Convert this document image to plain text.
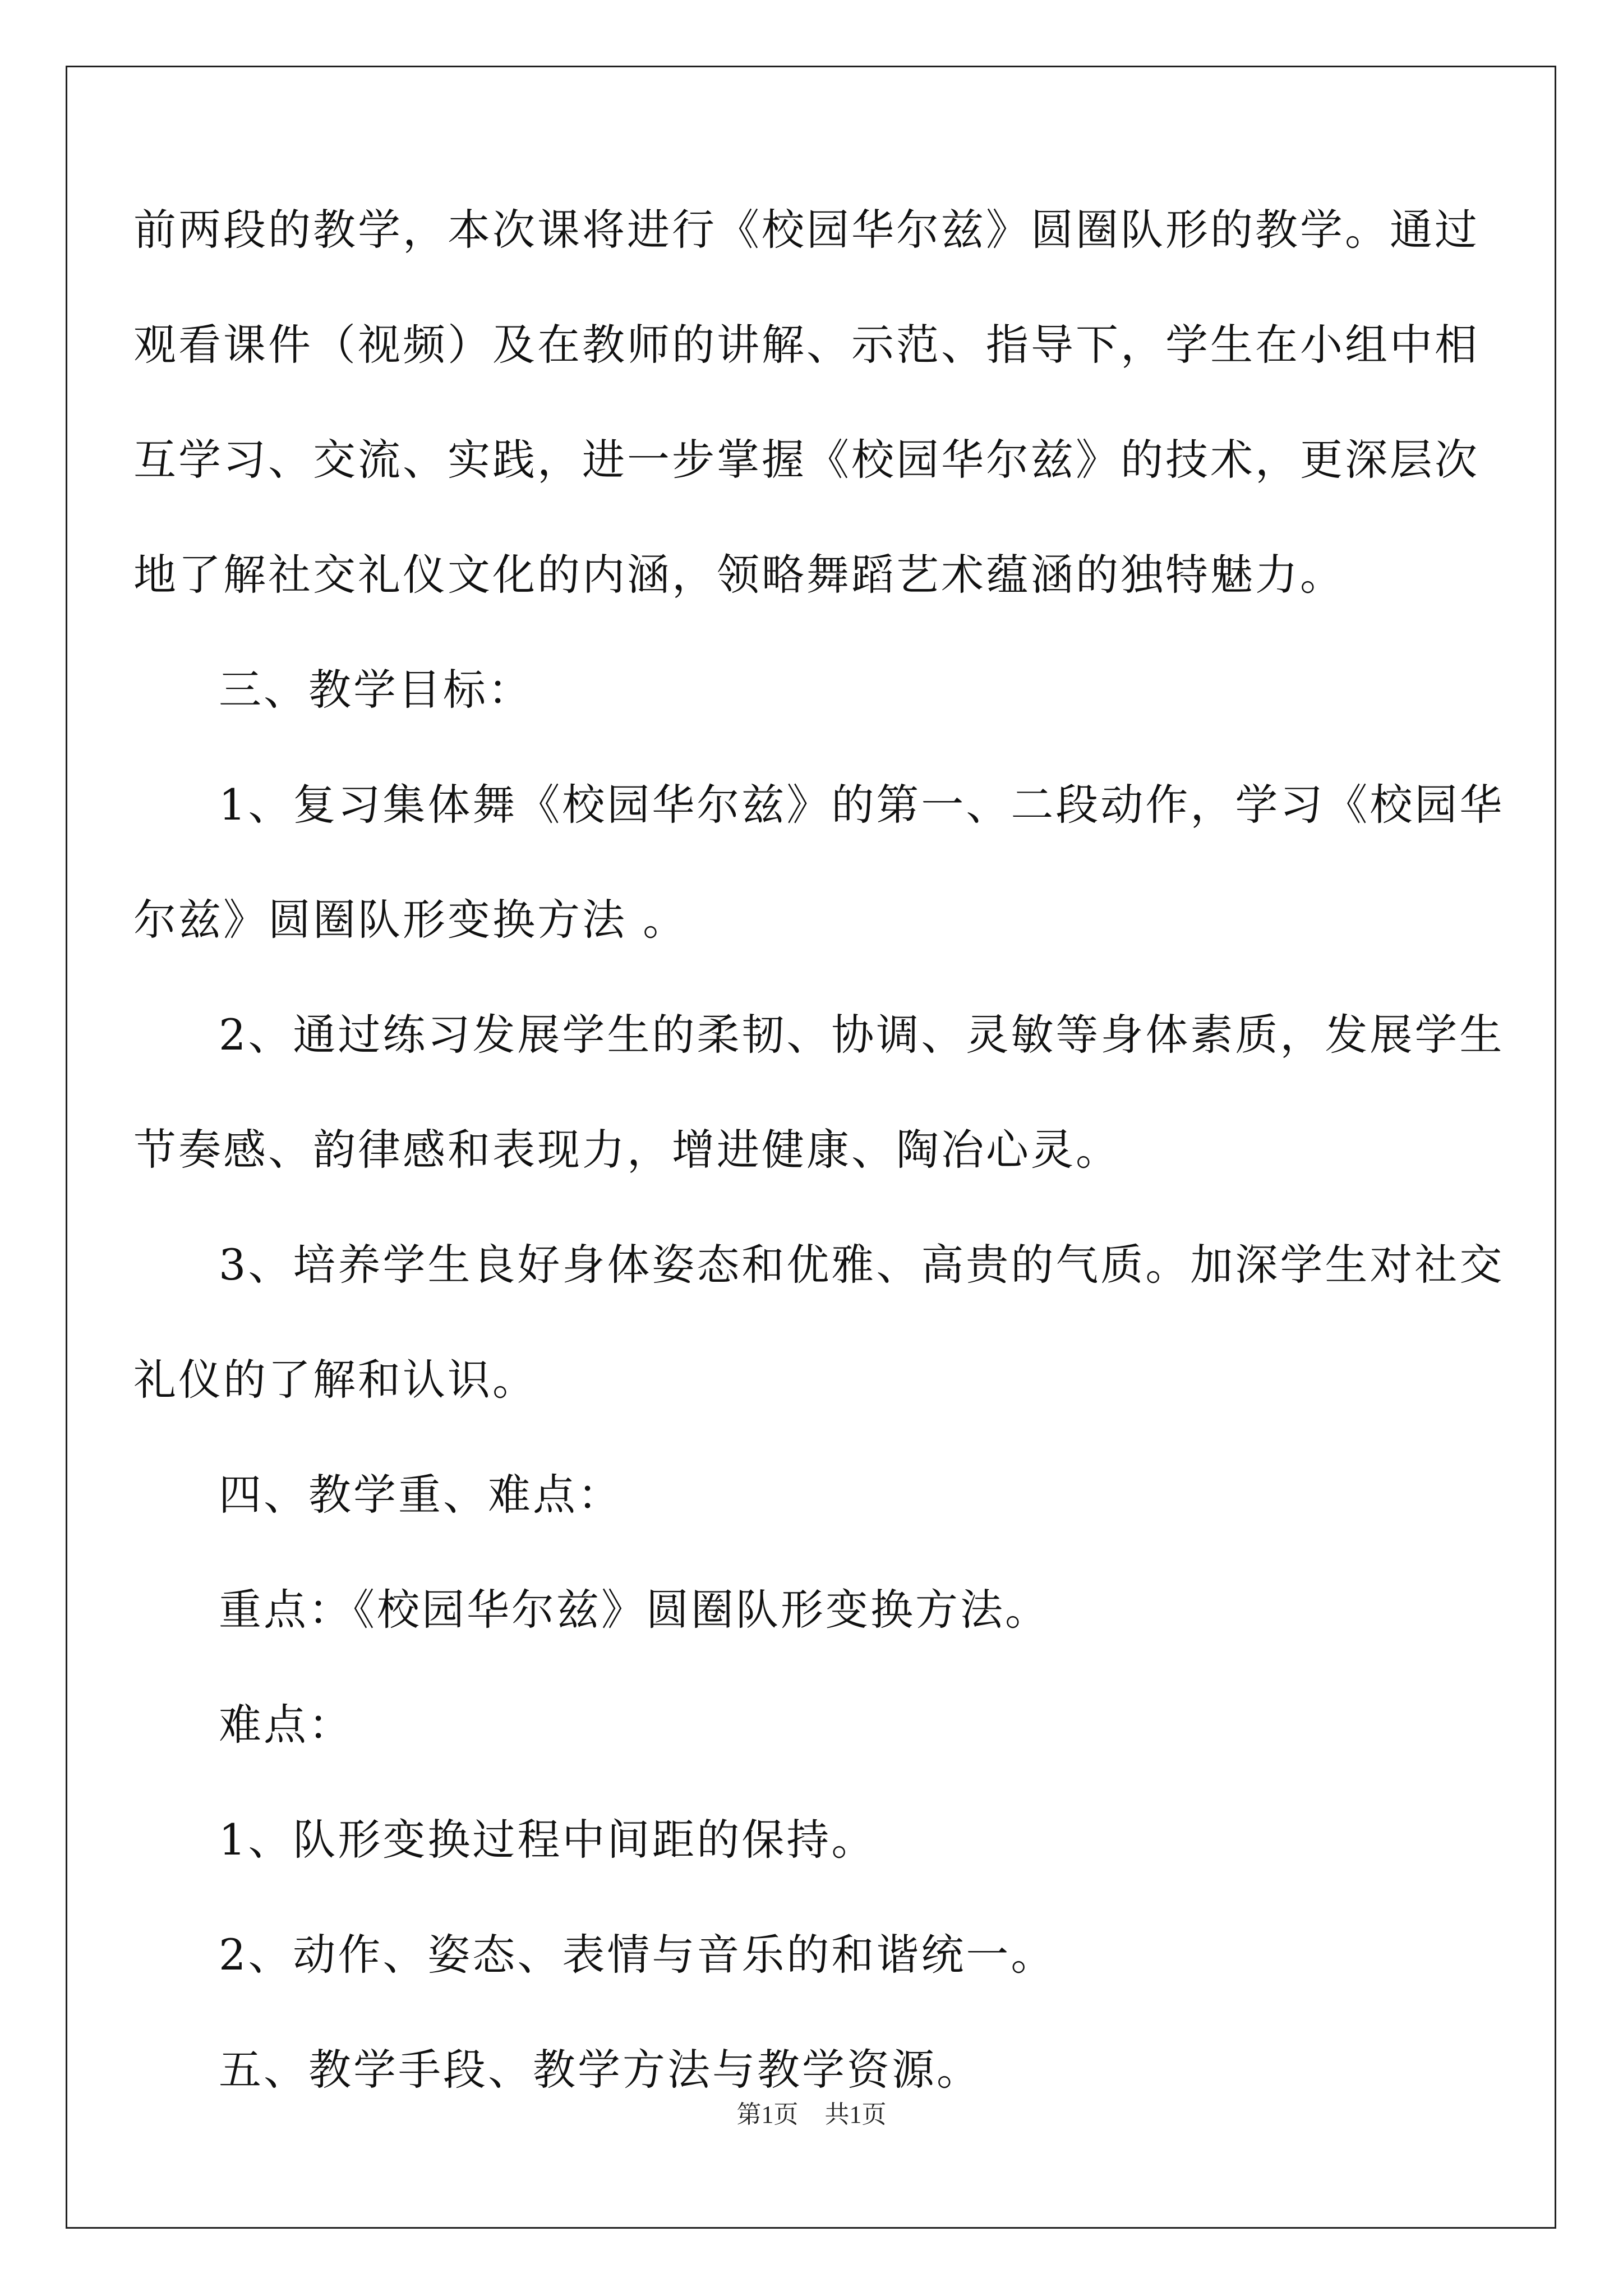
前两段的教学，本次课将进行《校园华尔兹》圆圈队形的教学。通过
观看课件（视频）及在教师的讲解、示范、指导下，学生在小组中相
互学习、交流、实践，进一步掌握《校园华尔兹》的技术，更深层次
地了解社交礼仪文化的内涵，领略舞蹈艺术蕴涵的独特魅力。
三、教学目标：
1、复习集体舞《校园华尔兹》的第一、二段动作，学习《校园华
尔兹》圆圈队形变换方法 。
2、通过练习发展学生的柔韧、协调、灵敏等身体素质，发展学生
节奏感、韵律感和表现力，增进健康、陶冶心灵。
3、培养学生良好身体姿态和优雅、高贵的气质。加深学生对社交
礼仪的了解和认识。
四、教学重、难点：
重点：《校园华尔兹》圆圈队形变换方法。
难点：
1、队形变换过程中间距的保持。
2、动作、姿态、表情与音乐的和谐统一。
五、教学手段、教学方法与教学资源。
第1页 共1页
